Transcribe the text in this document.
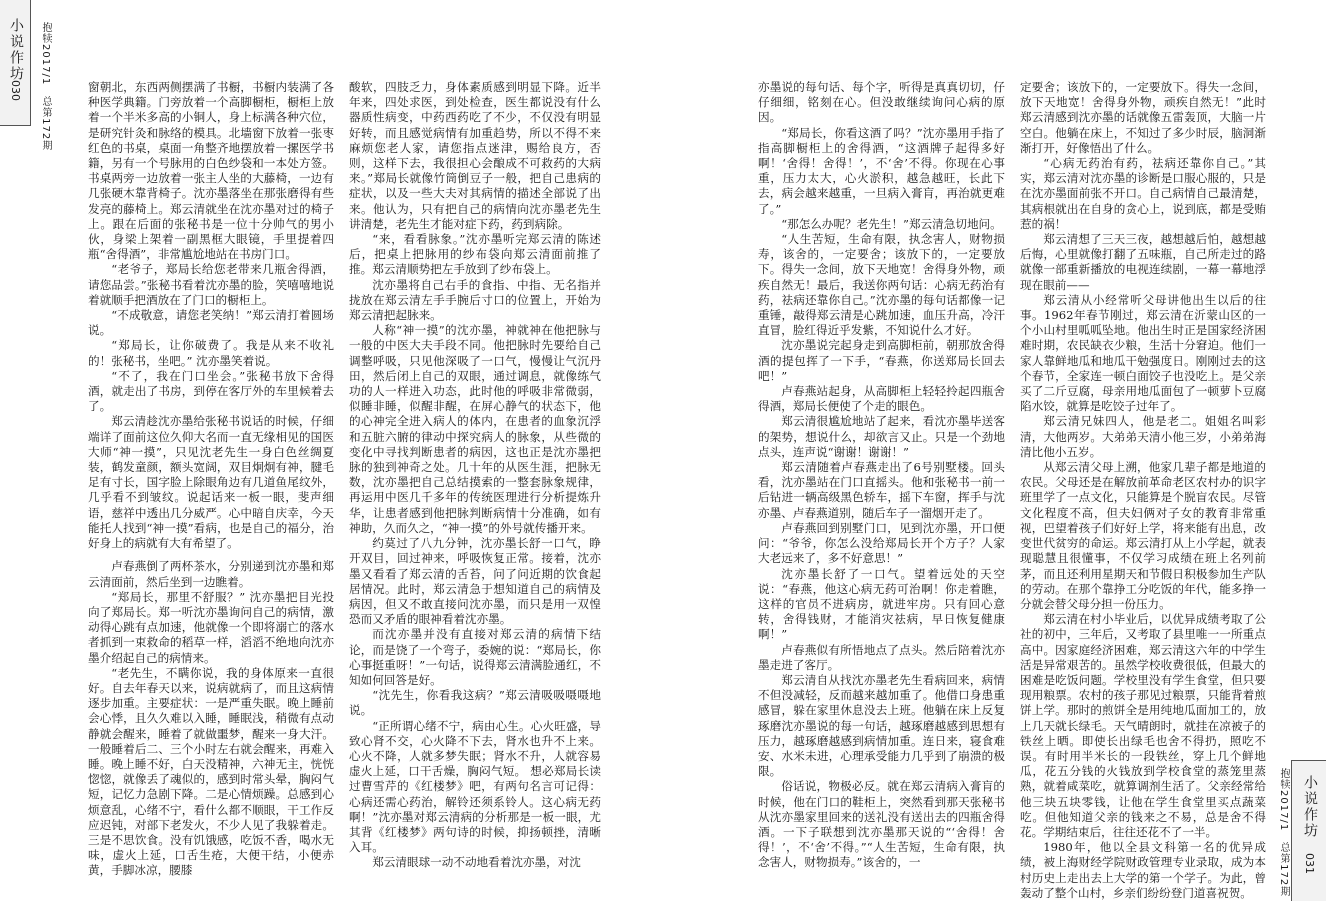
小说作坊
030 抱犊2017/1　总第172期	窗朝北，东西两侧摆满了书橱，书橱内装满了各种医学典籍。门旁放着一个高脚橱柜，橱柜上放着一个半米多高的小铜人，身上标满各种穴位，是研究针灸和脉络的模具。北墙窗下放着一张枣红色的书桌，桌面一角整齐地摆放着一摞医学书籍，另有一个号脉用的白色纱袋和一本处方签。书桌两旁一边放着一张主人坐的大藤椅，一边有几张硬木靠背椅子。沈亦墨落坐在那张磨得有些发亮的藤椅上。郑云清就坐在沈亦墨对过的椅子上。跟在后面的张秘书是一位十分帅气的男小伙，身梁上架着一副黑框大眼镜，手里提着四瓶“舍得酒”，非常尴尬地站在书房门口。

“老爷子，郑局长给您老带来几瓶舍得酒，请您品尝。”张秘书看着沈亦墨的脸，笑嘻嘻地说着就顺手把酒放在了门口的橱柜上。

“不成敬意，请您老笑纳！”郑云清打着圆场说。

“郑局长，让你破费了。我是从来不收礼的！张秘书，坐吧。” 沈亦墨笑着说。

“不了，我在门口坐会。”张秘书放下舍得酒，就走出了书房，到停在客厅外的车里候着去了。

郑云清趁沈亦墨给张秘书说话的时候，仔细端详了面前这位久仰大名而一直无缘相见的国医大师“神一摸”，只见沈老先生一身白色丝绸夏装，鹤发童颜，额头宽阔，双目炯炯有神，腱毛足有寸长，国字脸上除眼角边有几道鱼尾纹外，几乎看不到皱纹。说起话来一板一眼，斐声细语，慈祥中透出几分威严。心中暗自庆幸，今天能托人找到“神一摸”看病，也是自己的福分，治好身上的病就有大有希望了。

卢春燕倒了两杯茶水，分别递到沈亦墨和郑云清面前，然后坐到一边瞧着。

“郑局长，那里不舒服？” 沈亦墨把目光投向了郑局长。郑一听沈亦墨询问自己的病情，激动得心跳有点加速，他就像一个即将溺亡的落水者抓到一束救命的稻草一样，滔滔不绝地向沈亦墨介绍起自己的病情来。

“老先生，不瞒你说，我的身体原来一直很好。自去年春天以来，说病就病了，而且这病情逐步加重。主要症状：一是严重失眠。晚上睡前会心悸，且久久难以入睡，睡眠浅，稍微有点动静就会醒来，睡着了就做噩梦，醒来一身大汗。一般睡着后二、三个小时左右就会醒来，再难入睡。晚上睡不好，白天没精神，六神无主，恍恍惚惚，就像丢了魂似的，感到时常头晕，胸闷气短，记忆力急剧下降。二是心情烦躁。总感到心烦意乱，心绪不宁，看什么都不顺眼，干工作反应迟钝，对部下老发火，不少人见了我躲着走。三是不思饮食。没有饥饿感，吃饭不香，喝水无味，虚火上延，口舌生疮，大便干结，小便赤黄，手脚冰凉，腰膝

酸软，四肢乏力，身体素质感到明显下降。近半年来，四处求医，到处检查，医生都说没有什么器质性病变，中药西药吃了不少，不仅没有明显好转，而且感觉病情有加重趋势，所以不得不来麻烦您老人家，请您指点迷津，赐给良方，否则，这样下去，我很担心会酿成不可救药的大病来。”郑局长就像竹筒倒豆子一般，把自己患病的症状，以及一些大夫对其病情的描述全部说了出来。他认为，只有把自己的病情向沈亦墨老先生讲清楚，老先生才能对症下药，药到病除。

“来，看看脉象。”沈亦墨听完郑云清的陈述后，把桌上把脉用的纱布袋向郑云清面前推了推。郑云清顺势把左手放到了纱布袋上。

沈亦墨将自己右手的食指、中指、无名指并拢放在郑云清左手手腕后寸口的位置上，开始为郑云清把起脉来。

人称“神一摸”的沈亦墨，神就神在他把脉与一般的中医大夫手段不同。他把脉时先要给自己调整呼吸，只见他深吸了一口气，慢慢让气沉丹田，然后闭上自己的双眼，通过调息，就像练气功的人一样进入功态，此时他的呼吸非常微弱，似睡非睡，似醒非醒，在屏心静气的状态下，他的心神完全进入病人的体内，在患者的血象沉浮和五脏六腑的律动中探究病人的脉象，从些微的变化中寻找判断患者的病因，这也正是沈亦墨把脉的独到神奇之处。几十年的从医生涯，把脉无数，沈亦墨把自己总结摸索的一整套脉象规律，再运用中医几千多年的传统医理进行分析提炼升华，让患者感到他把脉判断病情十分准确，如有神助，久而久之，“神一摸”的外号就传播开来。

约莫过了八九分钟，沈亦墨长舒一口气，睁开双目，回过神来，呼吸恢复正常。接着，沈亦墨又看看了郑云清的舌苔，问了问近期的饮食起居情况。此时，郑云清急于想知道自己的病情及病因，但又不敢直接问沈亦墨，而只是用一双惶恐而又矛盾的眼神看着沈亦墨。

而沈亦墨并没有直接对郑云清的病情下结论，而是饶了一个弯子，委婉的说：“郑局长，你心事挺重呀！”一句话，说得郑云清满脸通红，不知如何回答是好。

“沈先生，你看我这病？”郑云清吸吸嗫嗫地说。

“正所谓心绪不宁，病由心生。心火旺盛，导致心肾不交，心火降不下去，肾水也升不上来。心火不降，人就多梦失眠；肾水不升，人就容易虚火上延，口干舌燥，胸闷气短。 想必郑局长读过曹雪芹的《红楼梦》吧，有两句名言可记得：心病还需心药治，解铃还须系铃人。这心病无药啊！”沈亦墨对郑云清病的分析那是一板一眼，尤其背《红楼梦》两句诗的时候，抑扬顿挫，清晰入耳。

郑云清眼球一动不动地看着沈亦墨，对沈

亦墨说的每句话、每个字，听得是真真切切，仔仔细细，铭刻在心。但没敢继续询问心病的原因。

“郑局长，你看这酒了吗？”沈亦墨用手指了指高脚橱柜上的舍得酒，“这酒牌子起得多好啊！‘舍得！舍得！’，不‘舍’不得。你现在心事重，压力太大，心火淤积，越急越旺，长此下去，病会越来越重，一旦病入膏肓，再治就更难了。”

“那怎么办呢？老先生！”郑云清急切地问。

“人生苦短，生命有限，执念害人，财物损寿，该舍的，一定要舍；该放下的，一定要放下。得失一念间，放下天地宽！舍得身外物，顽疾自然无！最后，我送你两句话：心病无药治有药，祛病还靠你自己。”沈亦墨的每句话都像一记重锤，敲得郑云清是心跳加速，血压升高，冷汗直冒，脸红得近乎发紫，不知说什么才好。

沈亦墨说完起身走到高脚柜前，朝那放舍得酒的提包挥了一下手，“春燕，你送郑局长回去吧！”

卢春燕站起身，从高脚柜上轻轻拎起四瓶舍得酒，郑局长便使了个走的眼色。

郑云清很尴尬地站了起来，看沈亦墨毕送客的架势，想说什么，却欲言又止。只是一个劲地点头，连声说“谢谢！谢谢！”

郑云清随着卢春燕走出了6号别墅楼。回头看，沈亦墨站在门口直摇头。他和张秘书一前一后钻进一辆高级黑色轿车，摇下车窗，挥手与沈亦墨、卢春燕道别，随后车子一溜烟开走了。

卢春燕回到别墅门口，见到沈亦墨，开口便问：“爷爷，你怎么没给郑局长开个方子？人家大老远来了，多不好意思！”

沈亦墨长舒了一口气。望着远处的天空说：“春燕，他这心病无药可治啊！你走着瞧，这样的官员不进病房，就进牢房。只有回心意转，舍得钱财，才能消灾祛病，早日恢复健康啊！”

卢春燕似有所悟地点了点头。然后陪着沈亦墨走进了客厅。

郑云清自从找沈亦墨老先生看病回来，病情不但没减轻，反而越来越加重了。他借口身患重感冒，躲在家里休息没去上班。他躺在床上反复琢磨沈亦墨说的每一句话，越琢磨越感到思想有压力，越琢磨越感到病情加重。连日来，寝食难安、水米未进，心理承受能力几乎到了崩溃的极限。

俗话说，物极必反。就在郑云清病入膏肓的时候，他在门口的鞋柜上，突然看到那天张秘书从沈亦墨家里回来的送礼没有送出去的四瓶舍得酒。一下子联想到沈亦墨那天说的“‘舍得！舍得！’，不‘舍’不得。”“人生苦短，生命有限，执念害人，财物损寿。”该舍的，一

定要舍；该放下的，一定要放下。得失一念间，放下天地宽！舍得身外物，顽疾自然无！”此时郑云清感到沈亦墨的话就像五雷轰顶，大脑一片空白。他躺在床上，不知过了多少时辰，脑洞渐渐打开，好像悟出了什么。

“心病无药治有药，祛病还靠你自己。”其实，郑云清对沈亦墨的诊断是口服心服的，只是在沈亦墨面前张不开口。自己病情自己最清楚，其病根就出在自身的贪心上，说到底，都是受贿惹的祸！

郑云清想了三天三夜，越想越后怕，越想越后悔，心里就像打翻了五味瓶，自己所走过的路就像一部重新播放的电视连续剧，一幕一幕地浮现在眼前——

郑云清从小经常听父母讲他出生以后的往事。1962年春节刚过，郑云清在沂蒙山区的一个小山村里呱呱坠地。他出生时正是国家经济困难时期，农民缺衣少粮，生活十分窘迫。他们一家人靠鲜地瓜和地瓜干勉强度日。刚刚过去的这个春节，全家连一顿白面饺子也没吃上。是父亲买了二斤豆腐，母亲用地瓜面包了一顿萝卜豆腐陷水饺，就算是吃饺子过年了。

郑云清兄妹四人，他是老二。姐姐名叫彩清，大他两岁。大弟弟天清小他三岁，小弟弟海清比他小五岁。

从郑云清父母上溯，他家几辈子都是地道的农民。父母还是在解放前革命老区农村办的识字班里学了一点文化，只能算是个脱盲农民。尽管文化程度不高，但夫妇俩对子女的教育非常重视，巴望着孩子们好好上学，将来能有出息，改变世代贫穷的命运。郑云清打从上小学起，就表现聪慧且很懂事，不仅学习成绩在班上名列前茅，而且还利用星期天和节假日积极参加生产队的劳动。在那个靠挣工分吃饭的年代，能多挣一分就会替父母分担一份压力。

郑云清在村小毕业后，以优异成绩考取了公社的初中，三年后，又考取了县里唯一一所重点高中。因家庭经济困难，郑云清这六年的中学生活是异常艰苦的。虽然学校收费很低，但最大的困难是吃饭问题。学校里没有学生食堂，但只要现用粮票。农村的孩子那见过粮票，只能背着煎饼上学。那时的煎饼全是用纯地瓜面加工的，放上几天就长绿毛。天气晴朗时，就挂在凉被子的铁丝上晒。即使长出绿毛也舍不得扔，照吃不误。有时用半米长的一段铁丝，穿上几个鲜地瓜，花五分钱的火钱放到学校食堂的蒸笼里蒸熟，就着咸菜吃，就算调剂生活了。父亲经常给他三块五块零钱，让他在学生食堂里买点蔬菜吃。但他知道父亲的钱来之不易，总是舍不得花。学期结束后，往往还花不了一半。

1980年，他以全县文科第一名的优异成绩，被上海财经学院财政管理专业录取，成为本村历史上走出去上大学的第一个学子。为此，曾轰动了整个山村，乡亲们纷纷登门道喜祝贺。	抱犊2017/1　总第172期 小说作坊
031
